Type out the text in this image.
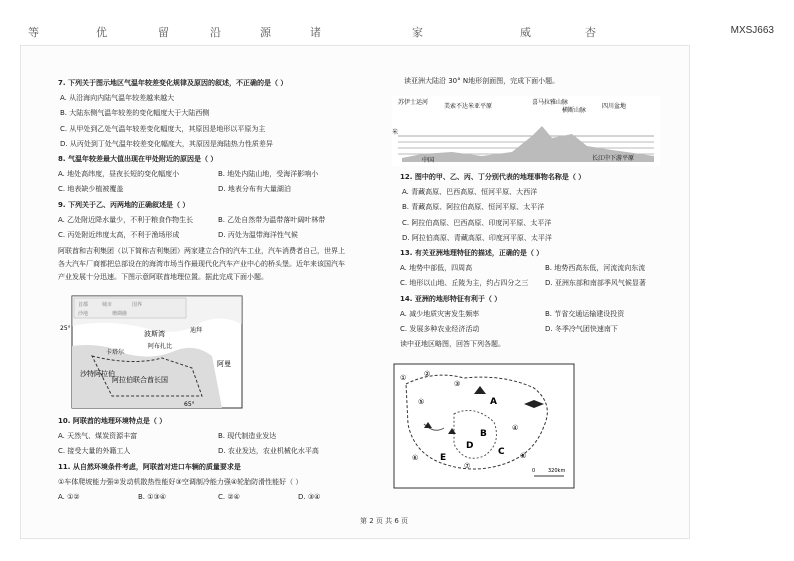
等	优	留	沿	源	诸	家	威	杏	MXSJ663
7. 下列关于图示地区气温年较差变化规律及原因的叙述，不正确的是（ ）
A. 从沿海向内陆气温年较差越来越大
B. 大陆东侧气温年较差的变化幅度大于大陆西侧
C. 从甲处到乙处气温年较差变化幅度大，其原因是地形以平原为主
D. 从丙处到丁处气温年较差变化幅度大，其原因是海陆热力性质差异
8. 气温年较差最大值出现在甲处附近的原因是（ ）
A. 地处高纬度，昼夜长短的变化幅度小	B. 地处内陆山地，受海洋影响小
C. 地表缺少植被覆盖	D. 地表分布有大量湖泊
9. 下列关于乙、丙两地的正确叙述是（ ）
A. 乙处附近降水量少，不利于粮食作物生长	B. 乙处自然带为温带落叶阔叶林带
C. 丙处附近纬度太高，不利于渔场形成	D. 丙处为温带海洋性气候
阿联酋和吉利集团（以下简称吉利集团）两家建立合作的汽车工业，汽车消费者自己，世界上各大汽车厂商都把总部设在的海湾市场当作最现代化汽车产业中心的桥头堡。近年来该国汽车产业发展十分迅速。下图示意阿联酋地理位置。据此完成下面小题。
波斯湾
卡塔尔
阿布扎比
迪拜
阿拉伯联合酋长国
阿曼
沙特阿拉伯
25°
65°
10. 阿联酋的地理环境特点是（ ）
A. 天然气、煤炭资源丰富	B. 现代制造业发达
C. 接受大量的外籍工人	D. 农业发达，农业机械化水平高
11. 从自然环境条件考虑，阿联酋对进口车辆的质量要求是
①车体爬坡能力强②发动机散热性能好③空调制冷能力强④轮胎防滑性能好（ ）
A. ①②	B. ①③④	C. ②④	D. ③④
读亚洲大陆沿 30° N地形剖面图，完成下面小题。
苏伊士运河
美索不达米亚平原
喜马拉雅山脉
横断山脉
四川盆地
米
中国	长江中下游平原
12. 图中的甲、乙、丙、丁分别代表的地理事物名称是（ ）
A. 青藏高原、巴西高原、恒河平原、大西洋
B. 青藏高原、阿拉伯高原、恒河平原、太平洋
C. 阿拉伯高原、巴西高原、印度河平原、太平洋
D. 阿拉伯高原、青藏高原、印度河平原、太平洋
13. 有关亚洲地理特征的描述，正确的是（ ）
A. 地势中部低，四周高	B. 地势西高东低，河流流向东流
C. 地形以山地、丘陵为主，约占四分之三	D. 亚洲东部和南部季风气候显著
14. 亚洲的地形特征有利于（ ）
A. 减少地质灾害发生频率	B. 节省交通运输建设投资
C. 发展多种农业经济活动	D. 冬季冷气团快速南下
读中亚地区略图，回答下列各题。
①	②
③
④
⑤
⑥
⑦
⑧
A
B
C
D
E
0	320km
第 2 页 共 6 页
